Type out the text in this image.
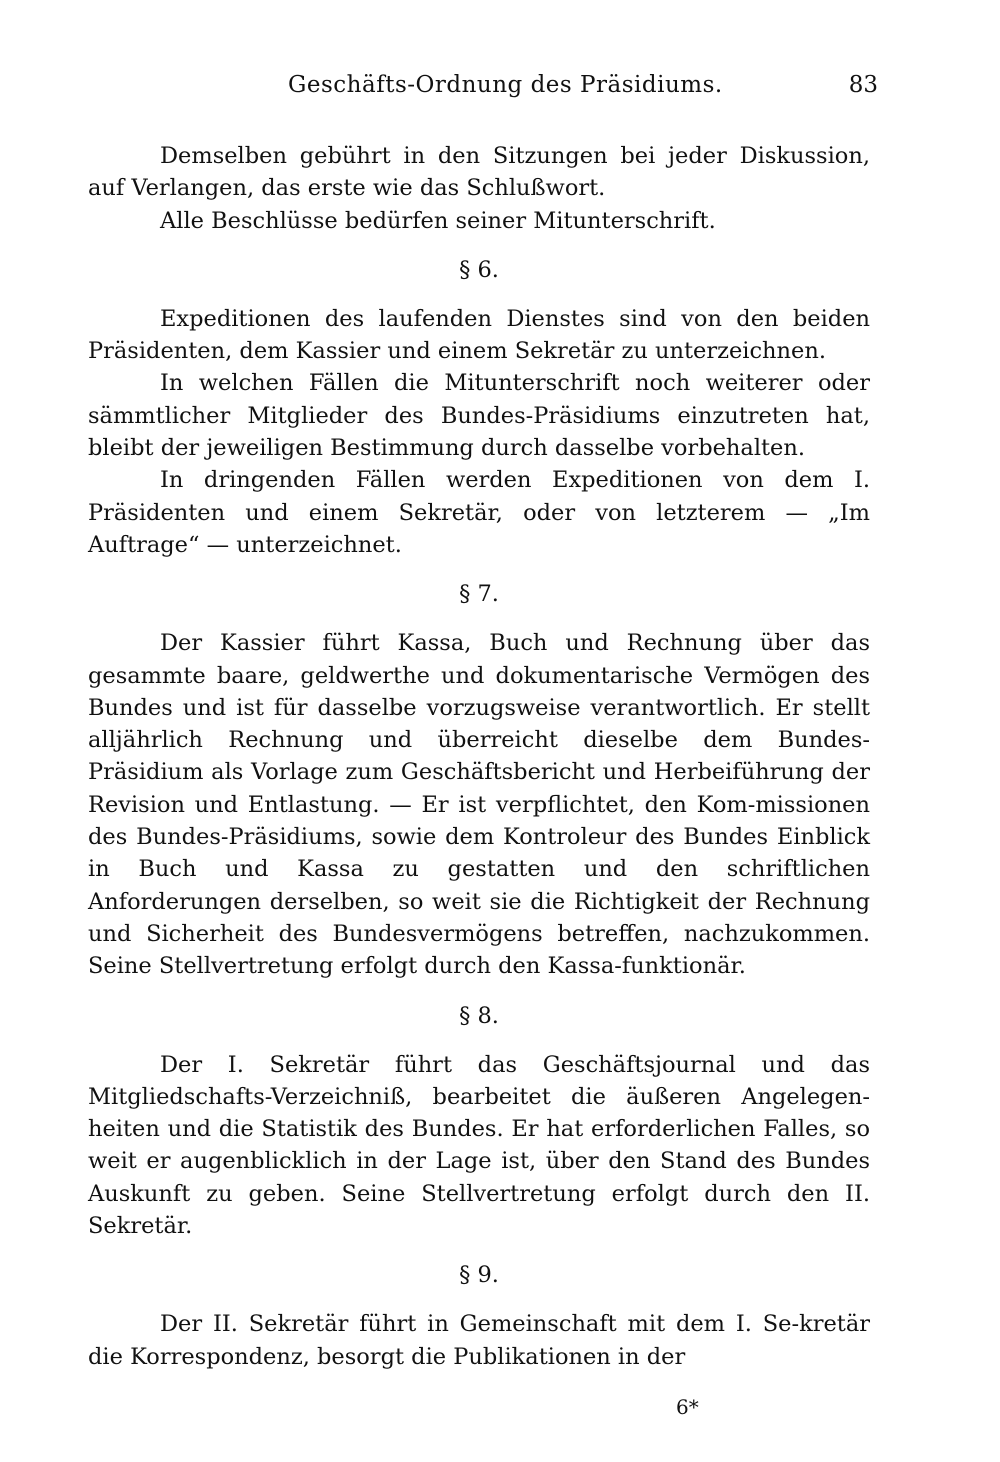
Geschäfts-Ordnung des Präsidiums.	83

Demselben gebührt in den Sitzungen bei jeder Diskussion, auf Verlangen, das erste wie das Schlußwort.

Alle Beschlüsse bedürfen seiner Mitunterschrift.

§ 6.

Expeditionen des laufenden Dienstes sind von den beiden Präsidenten, dem Kassier und einem Sekretär zu unterzeichnen.

In welchen Fällen die Mitunterschrift noch weiterer oder sämmtlicher Mitglieder des Bundes-Präsidiums einzutreten hat, bleibt der jeweiligen Bestimmung durch dasselbe vorbehalten.

In dringenden Fällen werden Expeditionen von dem I. Präsidenten und einem Sekretär, oder von letzterem — „Im Auftrage“ — unterzeichnet.

§ 7.

Der Kassier führt Kassa, Buch und Rechnung über das gesammte baare, geldwerthe und dokumentarische Vermögen des Bundes und ist für dasselbe vorzugsweise verantwortlich. Er stellt alljährlich Rechnung und überreicht dieselbe dem Bundes-Präsidium als Vorlage zum Geschäftsbericht und Herbeiführung der Revision und Entlastung. — Er ist verpflichtet, den Kom-missionen des Bundes-Präsidiums, sowie dem Kontroleur des Bundes Einblick in Buch und Kassa zu gestatten und den schriftlichen Anforderungen derselben, so weit sie die Richtigkeit der Rechnung und Sicherheit des Bundesvermögens betreffen, nachzukommen. Seine Stellvertretung erfolgt durch den Kassa-funktionär.

§ 8.

Der I. Sekretär führt das Geschäftsjournal und das Mitgliedschafts-Verzeichniß, bearbeitet die äußeren Angelegen-heiten und die Statistik des Bundes. Er hat erforderlichen Falles, so weit er augenblicklich in der Lage ist, über den Stand des Bundes Auskunft zu geben. Seine Stellvertretung erfolgt durch den II. Sekretär.

§ 9.

Der II. Sekretär führt in Gemeinschaft mit dem I. Se-kretär die Korrespondenz, besorgt die Publikationen in der

6*
